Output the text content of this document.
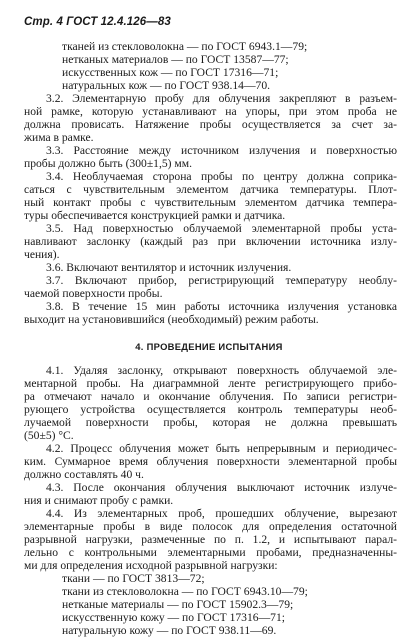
Стр. 4 ГОСТ 12.4.126—83
тканей из стекловолокна — по ГОСТ 6943.1—79;
нетканых материалов — по ГОСТ 13587—77;
искусственных кож — по ГОСТ 17316—71;
натуральных кож — по ГОСТ 938.14—70.
3.2. Элементарную пробу для облучения закрепляют в разъем-
ной рамке, которую устанавливают на упоры, при этом проба не
должна провисать. Натяжение пробы осуществляется за счет за-
жима в рамке.
3.3. Расстояние между источником излучения и поверхностью
пробы должно быть (300±1,5) мм.
3.4. Необлучаемая сторона пробы по центру должна соприка-
саться с чувствительным элементом датчика температуры. Плот-
ный контакт пробы с чувствительным элементом датчика темпера-
туры обеспечивается конструкцией рамки и датчика.
3.5. Над поверхностью облучаемой элементарной пробы уста-
навливают заслонку (каждый раз при включении источника излу-
чения).
3.6. Включают вентилятор и источник излучения.
3.7. Включают прибор, регистрирующий температуру необлу-
чаемой поверхности пробы.
3.8. В течение 15 мин работы источника излучения установка
выходит на установившийся (необходимый) режим работы.
4. ПРОВЕДЕНИЕ ИСПЫТАНИЯ
4.1. Удаляя заслонку, открывают поверхность облучаемой эле-
ментарной пробы. На диаграммной ленте регистрирующего прибо-
ра отмечают начало и окончание облучения. По записи регистри-
рующего устройства осуществляется контроль температуры необ-
лучаемой поверхности пробы, которая не должна превышать
(50±5) °С.
4.2. Процесс облучения может быть непрерывным и периодичес-
ким. Суммарное время облучения поверхности элементарной пробы
должно составлять 40 ч.
4.3. После окончания облучения выключают источник излуче-
ния и снимают пробу с рамки.
4.4. Из элементарных проб, прошедших облучение, вырезают
элементарные пробы в виде полосок для определения остаточной
разрывной нагрузки, размеченные по п. 1.2, и испытывают парал-
лельно с контрольными элементарными пробами, предназначенны-
ми для определения исходной разрывной нагрузки:
ткани — по ГОСТ 3813—72;
ткани из стекловолокна — по ГОСТ 6943.10—79;
нетканые материалы — по ГОСТ 15902.3—79;
искусственную кожу — по ГОСТ 17316—71;
натуральную кожу — по ГОСТ 938.11—69.
